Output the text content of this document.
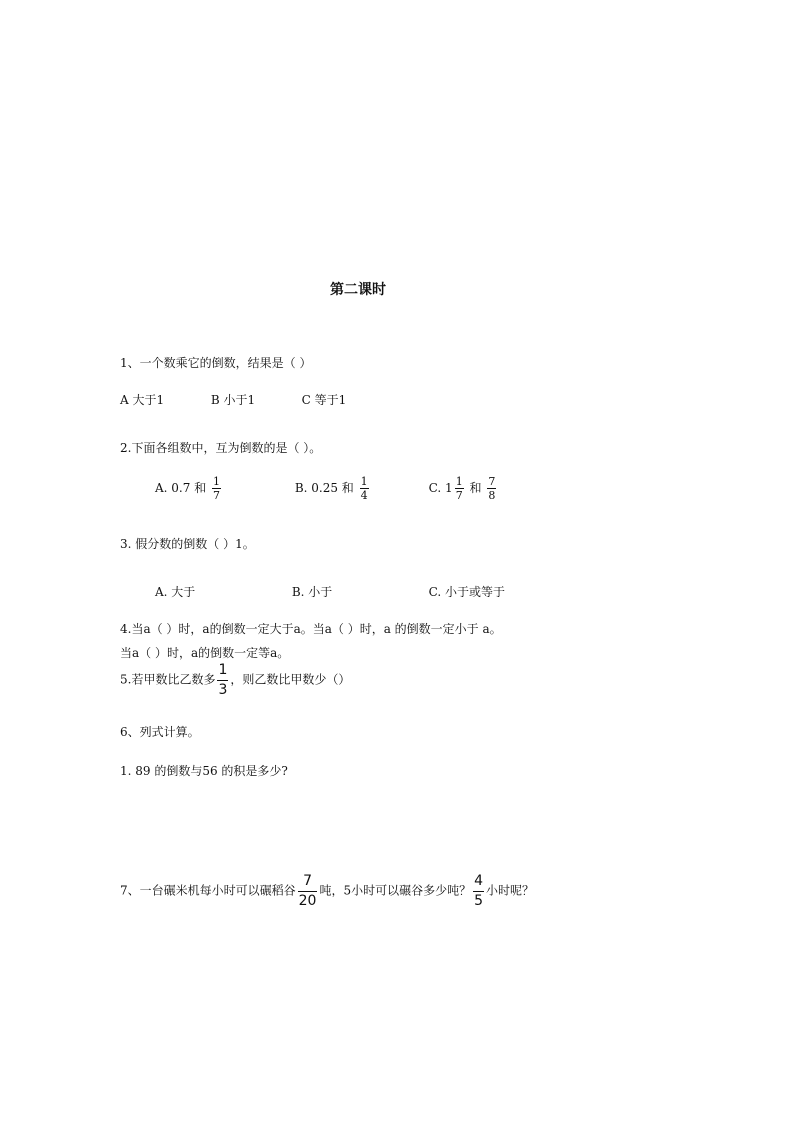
第二课时
1、一个数乘它的倒数，结果是（ ）
A 大于1	B 小于1	C 等于1
2.下面各组数中，互为倒数的是（ ）。
A. 0.7 和 $\frac{1}{7}$	B. 0.25 和 $\frac{1}{4}$	C. $1 \frac{1}{7}$ 和 $\frac{7}{8}$
3. 假分数的倒数（ ）1。
A. 大于	B. 小于	C. 小于或等于
4.当a（ ）时，a的倒数一定大于a。当a（ ）时，a 的倒数一定小于 a。
当a（ ）时，a的倒数一定等a。
5.若甲数比乙数多 $\frac{1}{3}$ ，则乙数比甲数少（）
6、列式计算。
1. 89 的倒数与56 的积是多少?
7、一台碾米机每小时可以碾稻谷 $\frac{7}{20}$ 吨，5小时可以碾谷多少吨？ $\frac{4}{5}$ 小时呢？
